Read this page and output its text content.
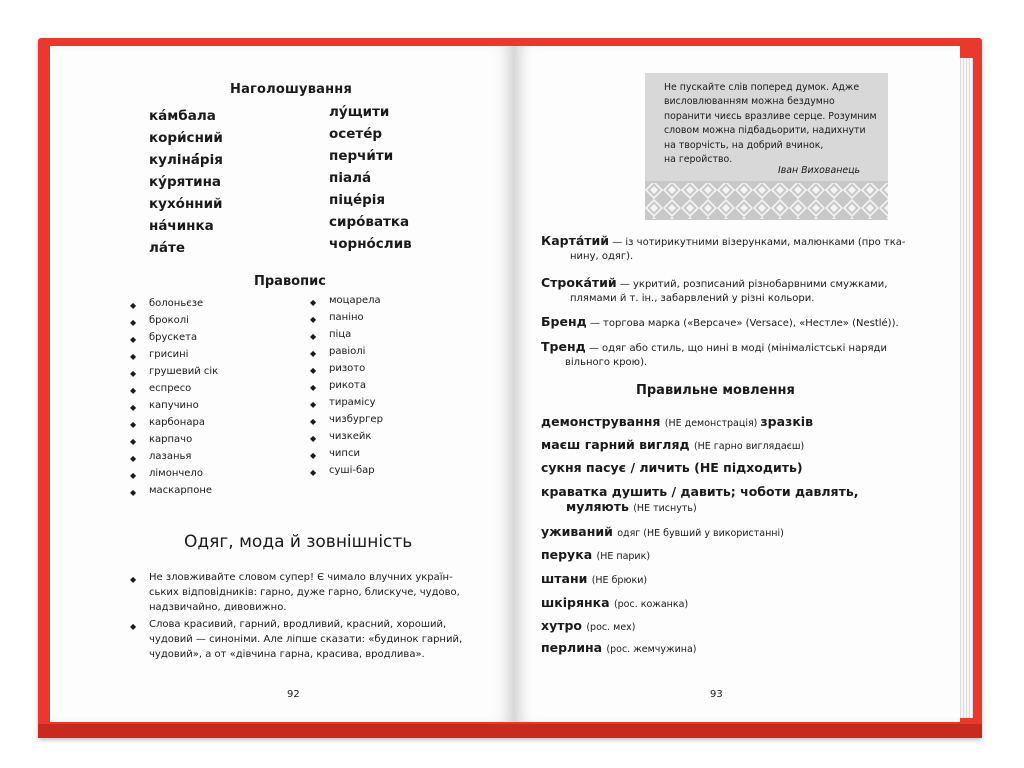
Наголошування
ка́мбала
кори́сний
кулінá́рія
ку́рятина
кухо́нний
на́чинка
ла́те
лу́щити
осете́р
перчи́ти
піала́
піце́рія
сиро́ватка
чорно́слив
Правопис
◆ болоньєзе
◆ броколі
◆ брускета
◆ грисині
◆ грушевий сік
◆ еспресо
◆ капучино
◆ карбонара
◆ карпачо
◆ лазанья
◆ лімончело
◆ маскарпоне
◆ моцарела
◆ паніно
◆ піца
◆ равіолі
◆ ризото
◆ рикота
◆ тирамісу
◆ чизбургер
◆ чизкейк
◆ чипси
◆ суші-бар
Одяг, мода й зовнішність
◆ Не зловживайте словом супер! Є чимало влучних україн-
ських відповідників: гарно, дуже гарно, блискуче, чудово,
надзвичайно, дивовижно.
◆ Слова красивий, гарний, вродливий, красний, хороший,
чудовий — синоніми. Але ліпше сказати: «будинок гарний,
чудовий», а от «дівчина гарна, красива, вродлива».
92
Не пускайте слів поперед думок. Адже
висловлюванням можна бездумно
поранити чиєсь вразливе серце. Розумним
словом можна підбадьорити, надихнути
на творчість, на добрий вчинок,
на геройство.
Іван Вихованець
Карта́тий — із чотирикутними візерунками, малюнками (про тка-
нину, одяг).
Строка́тий — укритий, розписаний різнобарвними смужками,
плямами й т. ін., забарвлений у різні кольори.
Бренд — торгова марка («Версаче» (Versace), «Нестле» (Nestlé)).
Тренд — одяг або стиль, що нині в моді (мінімалістські наряди
вільного крою).
Правильне мовлення
демонстрування (НЕ демонстрація) зразків
маєш гарний вигляд (НЕ гарно виглядаєш)
сукня пасує / личить (НЕ підходить)
краватка душить / давить; чоботи давлять,
муляють (НЕ тиснуть)
уживаний одяг (НЕ бувший у використанні)
перука (НЕ парик)
штани (НЕ брюки)
шкірянка (рос. кожанка)
хутро (рос. мех)
перлина (рос. жемчужина)
93
